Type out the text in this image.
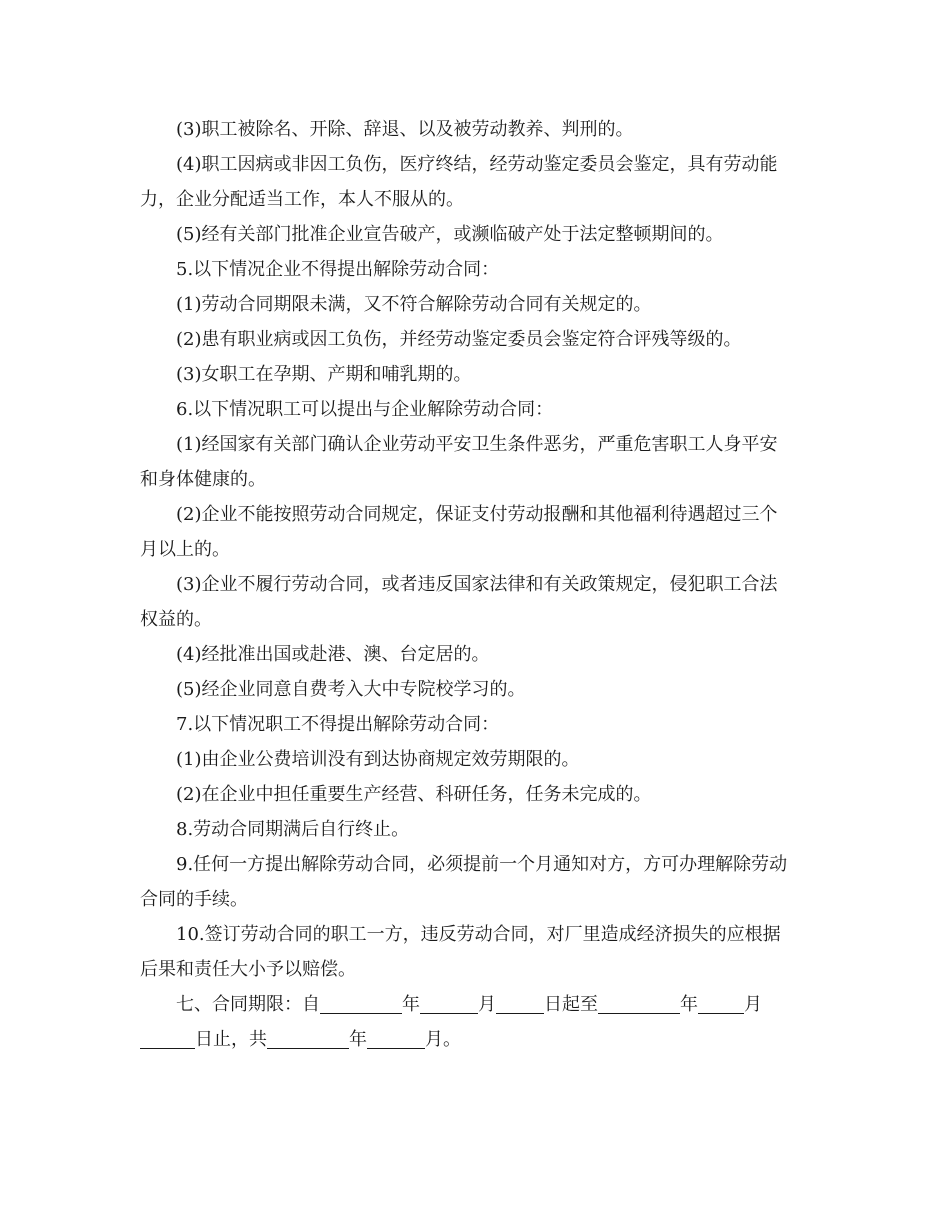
(3)职工被除名、开除、辞退、以及被劳动教养、判刑的。
(4)职工因病或非因工负伤，医疗终结，经劳动鉴定委员会鉴定，具有劳动能
力，企业分配适当工作，本人不服从的。
(5)经有关部门批准企业宣告破产，或濒临破产处于法定整顿期间的。
5.以下情况企业不得提出解除劳动合同：
(1)劳动合同期限未满，又不符合解除劳动合同有关规定的。
(2)患有职业病或因工负伤，并经劳动鉴定委员会鉴定符合评残等级的。
(3)女职工在孕期、产期和哺乳期的。
6.以下情况职工可以提出与企业解除劳动合同：
(1)经国家有关部门确认企业劳动平安卫生条件恶劣，严重危害职工人身平安
和身体健康的。
(2)企业不能按照劳动合同规定，保证支付劳动报酬和其他福利待遇超过三个
月以上的。
(3)企业不履行劳动合同，或者违反国家法律和有关政策规定，侵犯职工合法
权益的。
(4)经批准出国或赴港、澳、台定居的。
(5)经企业同意自费考入大中专院校学习的。
7.以下情况职工不得提出解除劳动合同：
(1)由企业公费培训没有到达协商规定效劳期限的。
(2)在企业中担任重要生产经营、科研任务，任务未完成的。
8.劳动合同期满后自行终止。
9.任何一方提出解除劳动合同，必须提前一个月通知对方，方可办理解除劳动
合同的手续。
10.签订劳动合同的职工一方，违反劳动合同，对厂里造成经济损失的应根据
后果和责任大小予以赔偿。
七、合同期限：自	年	月	日起至	年	月
日止，共	年	月。
